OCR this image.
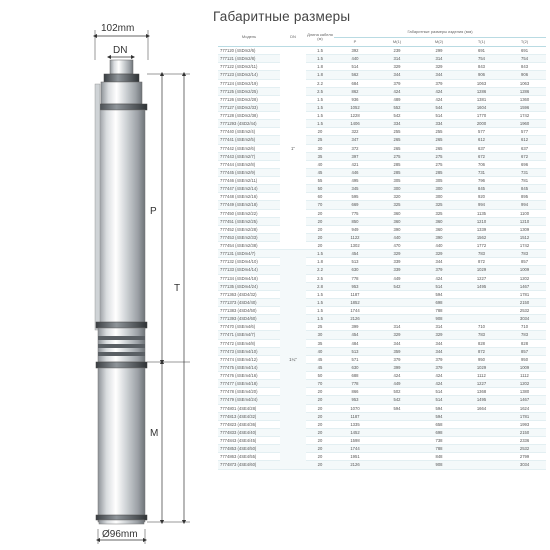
Габаритные размеры
102mm
DN
P
T
M
Ø96mm
Модель	DN	Длина кабеля (м)	Габаритные размеры изделия (мм)				
			P	M(1)	M(2)	T(1)	T(2)
777120 (4SDm2/6)	1"	1.5	392	239	299	691	691
777121 (4SDm2/8)		1.5	440	314	314	754	754
777122 (4SDm2/11)		1.8	514	329	329	843	843
777123 (4SDm2/14)		1.8	562	344	344	906	906
777124 (4SDm2/19)		2.2	684	379	379	1063	1063
777125 (4SDm2/25)		2.5	862	424	424	1286	1286
777126 (4SDm2/28)		1.5	936	489	424	1381	1360
777127 (4SDm2/33)		1.5	1052	552	544	1604	1596
777128 (4SDm2/38)		1.5	1228	542	514	1770	1742
7771293 (4SD2/44)		1.5	1406	334	334	2000	1960
777440 (4SEm2/4)		20	322	255	255	577	577
777441 (4SEm2/5)		25	347	265	265	612	612
777442 (4SEm2/6)		30	372	265	265	637	637
777443 (4SEm2/7)		35	397	275	275	672	672
777444 (4SEm2/8)		40	421	285	275	706	696
777445 (4SEm2/9)		45	446	285	285	731	731
777446 (4SEm2/11)		55	495	305	305	796	781
777447 (4SEm2/14)		50	345	300	300	845	845
777448 (4SEm2/16)		60	595	320	300	920	895
777449 (4SEm2/18)		70	669	325	325	994	994
777450 (4SEm2/22)		20	775	360	325	1135	1100
777451 (4SEm2/25)		20	850	360	360	1210	1210
777452 (4SEm2/28)		20	949	390	360	1339	1309
777453 (4SEm2/33)		20	1122	440	390	1562	1512
777454 (4SEm2/38)		20	1302	470	440	1772	1742
777131 (4SDm4/7)	1¼"	1.5	454	329	329	783	783
777132 (4SDm4/10)		1.8	513	339	344	872	857
777133 (4SDm4/14)		2.2	630	339	379	1029	1009
777134 (4SDm4/18)		2.5	778	449	424	1227	1202
777135 (4SDm4/24)		2.8	953	542	514	1495	1467
7771363 (4SD4/32)		1.5	1187		594		1781
7771373 (4SD4/40)		1.5	1852		698		2150
7771383 (4SD4/50)		1.5	1744		788		2532
7771393 (4SD4/60)		1.5	2126		908		3034
777470 (4SEm4/6)		25	399	314	314	710	710
777471 (4SEm4/7)		30	454	329	329	783	783
777472 (4SEm4/8)		35	484	344	344	828	828
777473 (4SEm4/10)		40	513	359	344	872	857
777474 (4SEm4/12)		45	571	379	379	950	950
777475 (4SEm4/14)		45	630	399	379	1029	1009
777476 (4SEm4/16)		50	688	424	424	1112	1112
777477 (4SEm4/18)		70	778	449	424	1227	1202
777478 (4SEm4/20)		20	866	502	514	1368	1380
777479 (4SEm4/24)		20	953	542	514	1495	1467
7774801 (4SE4/28)		20	1070	594	594	1664	1624
7774813 (4SE4/32)		20	1187		594		1781
7774823 (4SE4/36)		20	1335		658		1993
7774833 (4SE4/40)		20	1452		698		2150
7774843 (4SE4/45)		20	1598		738		2336
7774853 (4SE4/50)		20	1744		788		2532
7774863 (4SE4/55)		20	1951		848		2799
7774873 (4SE4/60)		20	2126		908		3034
